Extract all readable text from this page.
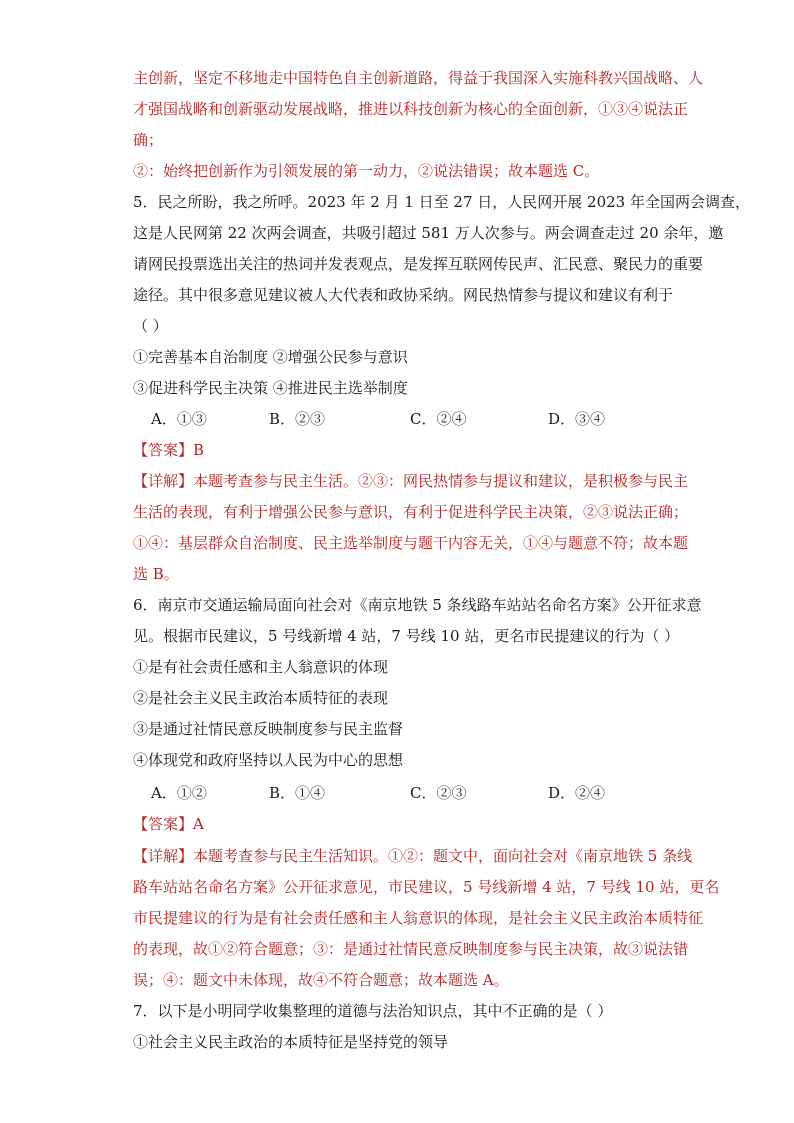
主创新，坚定不移地走中国特色自主创新道路，得益于我国深入实施科教兴国战略、人
才强国战略和创新驱动发展战略，推进以科技创新为核心的全面创新，①③④说法正
确；
②：始终把创新作为引领发展的第一动力，②说法错误；故本题选 C。
5．民之所盼，我之所呼。2023 年 2 月 1 日至 27 日，人民网开展 2023 年全国两会调查，
这是人民网第 22 次两会调查，共吸引超过 581 万人次参与。两会调查走过 20 余年，邀
请网民投票选出关注的热词并发表观点，是发挥互联网传民声、汇民意、聚民力的重要
途径。其中很多意见建议被人大代表和政协采纳。网民热情参与提议和建议有利于
（ ）
①完善基本自治制度 ②增强公民参与意识
③促进科学民主决策 ④推进民主选举制度
A．①③	B．②③	C．②④	D．③④
【答案】B
【详解】本题考查参与民主生活。②③：网民热情参与提议和建议，是积极参与民主
生活的表现，有利于增强公民参与意识，有利于促进科学民主决策，②③说法正确；
①④：基层群众自治制度、民主选举制度与题干内容无关，①④与题意不符；故本题
选 B。
6．南京市交通运输局面向社会对《南京地铁 5 条线路车站站名命名方案》公开征求意
见。根据市民建议，5 号线新增 4 站，7 号线 10 站，更名市民提建议的行为（ ）
①是有社会责任感和主人翁意识的体现
②是社会主义民主政治本质特征的表现
③是通过社情民意反映制度参与民主监督
④体现党和政府坚持以人民为中心的思想
A．①②	B．①④	C．②③	D．②④
【答案】A
【详解】本题考查参与民主生活知识。①②：题文中，面向社会对《南京地铁 5 条线
路车站站名命名方案》公开征求意见，市民建议，5 号线新增 4 站，7 号线 10 站，更名
市民提建议的行为是有社会责任感和主人翁意识的体现，是社会主义民主政治本质特征
的表现，故①②符合题意；③：是通过社情民意反映制度参与民主决策，故③说法错
误；④：题文中未体现，故④不符合题意；故本题选 A。
7．以下是小明同学收集整理的道德与法治知识点，其中不正确的是（ ）
①社会主义民主政治的本质特征是坚持党的领导
